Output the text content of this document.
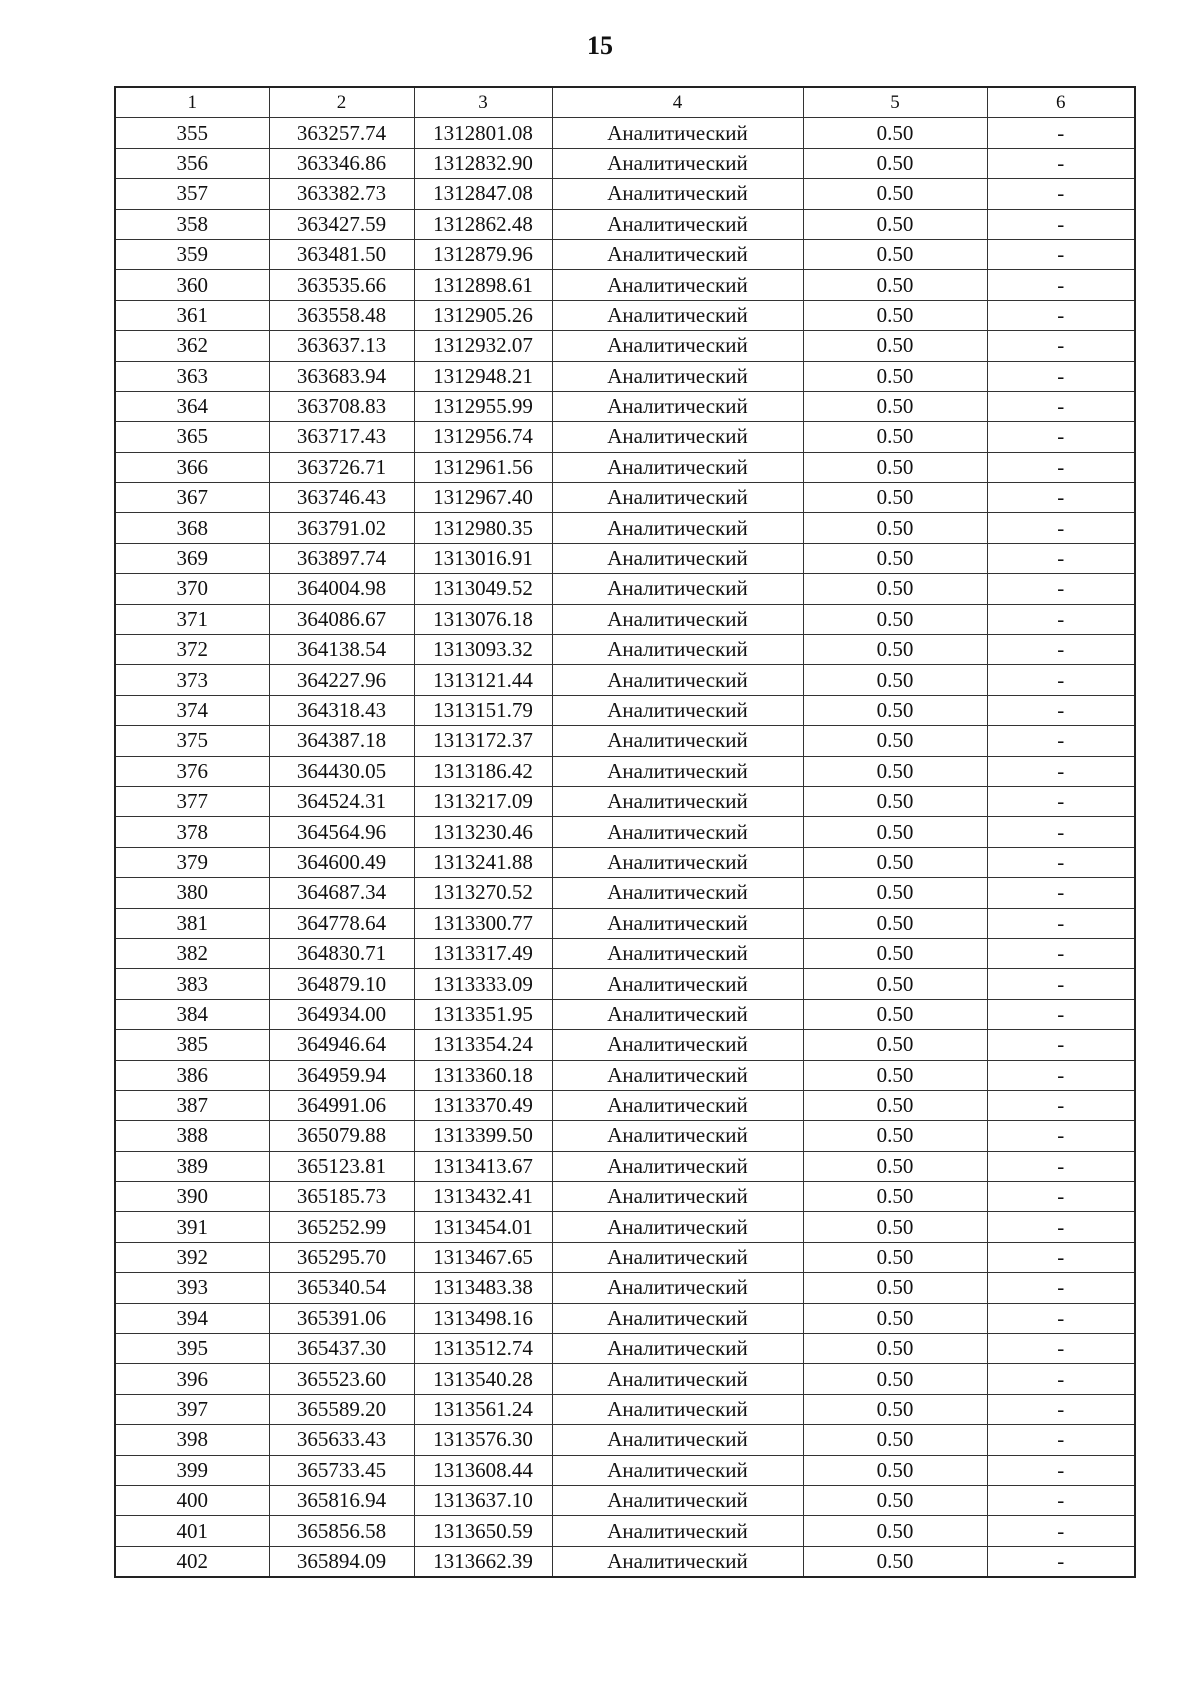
15
1	2	3	4	5	6
355	363257.74	1312801.08	Аналитический	0.50	-
356	363346.86	1312832.90	Аналитический	0.50	-
357	363382.73	1312847.08	Аналитический	0.50	-
358	363427.59	1312862.48	Аналитический	0.50	-
359	363481.50	1312879.96	Аналитический	0.50	-
360	363535.66	1312898.61	Аналитический	0.50	-
361	363558.48	1312905.26	Аналитический	0.50	-
362	363637.13	1312932.07	Аналитический	0.50	-
363	363683.94	1312948.21	Аналитический	0.50	-
364	363708.83	1312955.99	Аналитический	0.50	-
365	363717.43	1312956.74	Аналитический	0.50	-
366	363726.71	1312961.56	Аналитический	0.50	-
367	363746.43	1312967.40	Аналитический	0.50	-
368	363791.02	1312980.35	Аналитический	0.50	-
369	363897.74	1313016.91	Аналитический	0.50	-
370	364004.98	1313049.52	Аналитический	0.50	-
371	364086.67	1313076.18	Аналитический	0.50	-
372	364138.54	1313093.32	Аналитический	0.50	-
373	364227.96	1313121.44	Аналитический	0.50	-
374	364318.43	1313151.79	Аналитический	0.50	-
375	364387.18	1313172.37	Аналитический	0.50	-
376	364430.05	1313186.42	Аналитический	0.50	-
377	364524.31	1313217.09	Аналитический	0.50	-
378	364564.96	1313230.46	Аналитический	0.50	-
379	364600.49	1313241.88	Аналитический	0.50	-
380	364687.34	1313270.52	Аналитический	0.50	-
381	364778.64	1313300.77	Аналитический	0.50	-
382	364830.71	1313317.49	Аналитический	0.50	-
383	364879.10	1313333.09	Аналитический	0.50	-
384	364934.00	1313351.95	Аналитический	0.50	-
385	364946.64	1313354.24	Аналитический	0.50	-
386	364959.94	1313360.18	Аналитический	0.50	-
387	364991.06	1313370.49	Аналитический	0.50	-
388	365079.88	1313399.50	Аналитический	0.50	-
389	365123.81	1313413.67	Аналитический	0.50	-
390	365185.73	1313432.41	Аналитический	0.50	-
391	365252.99	1313454.01	Аналитический	0.50	-
392	365295.70	1313467.65	Аналитический	0.50	-
393	365340.54	1313483.38	Аналитический	0.50	-
394	365391.06	1313498.16	Аналитический	0.50	-
395	365437.30	1313512.74	Аналитический	0.50	-
396	365523.60	1313540.28	Аналитический	0.50	-
397	365589.20	1313561.24	Аналитический	0.50	-
398	365633.43	1313576.30	Аналитический	0.50	-
399	365733.45	1313608.44	Аналитический	0.50	-
400	365816.94	1313637.10	Аналитический	0.50	-
401	365856.58	1313650.59	Аналитический	0.50	-
402	365894.09	1313662.39	Аналитический	0.50	-
